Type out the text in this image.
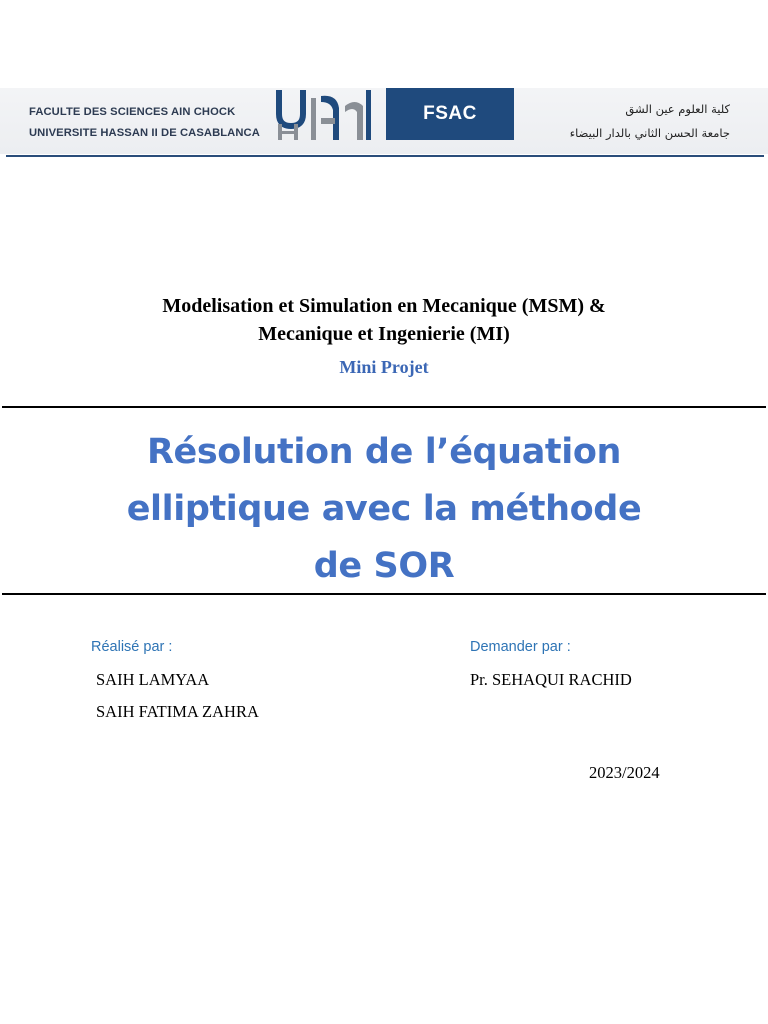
FACULTE DES SCIENCES AIN CHOCK
UNIVERSITE HASSAN II DE CASABLANCA
FSAC	كلية العلوم عين الشق
جامعة الحسن الثاني بالدار البيضاء
Modelisation et Simulation en Mecanique (MSM) &
Mecanique et Ingenierie (MI)
Mini Projet
Résolution de l’équation
elliptique avec la méthode
de SOR
Réalisé par :
SAIH LAMYAA
SAIH FATIMA ZAHRA
Demander par :
Pr. SEHAQUI RACHID
2023/2024
